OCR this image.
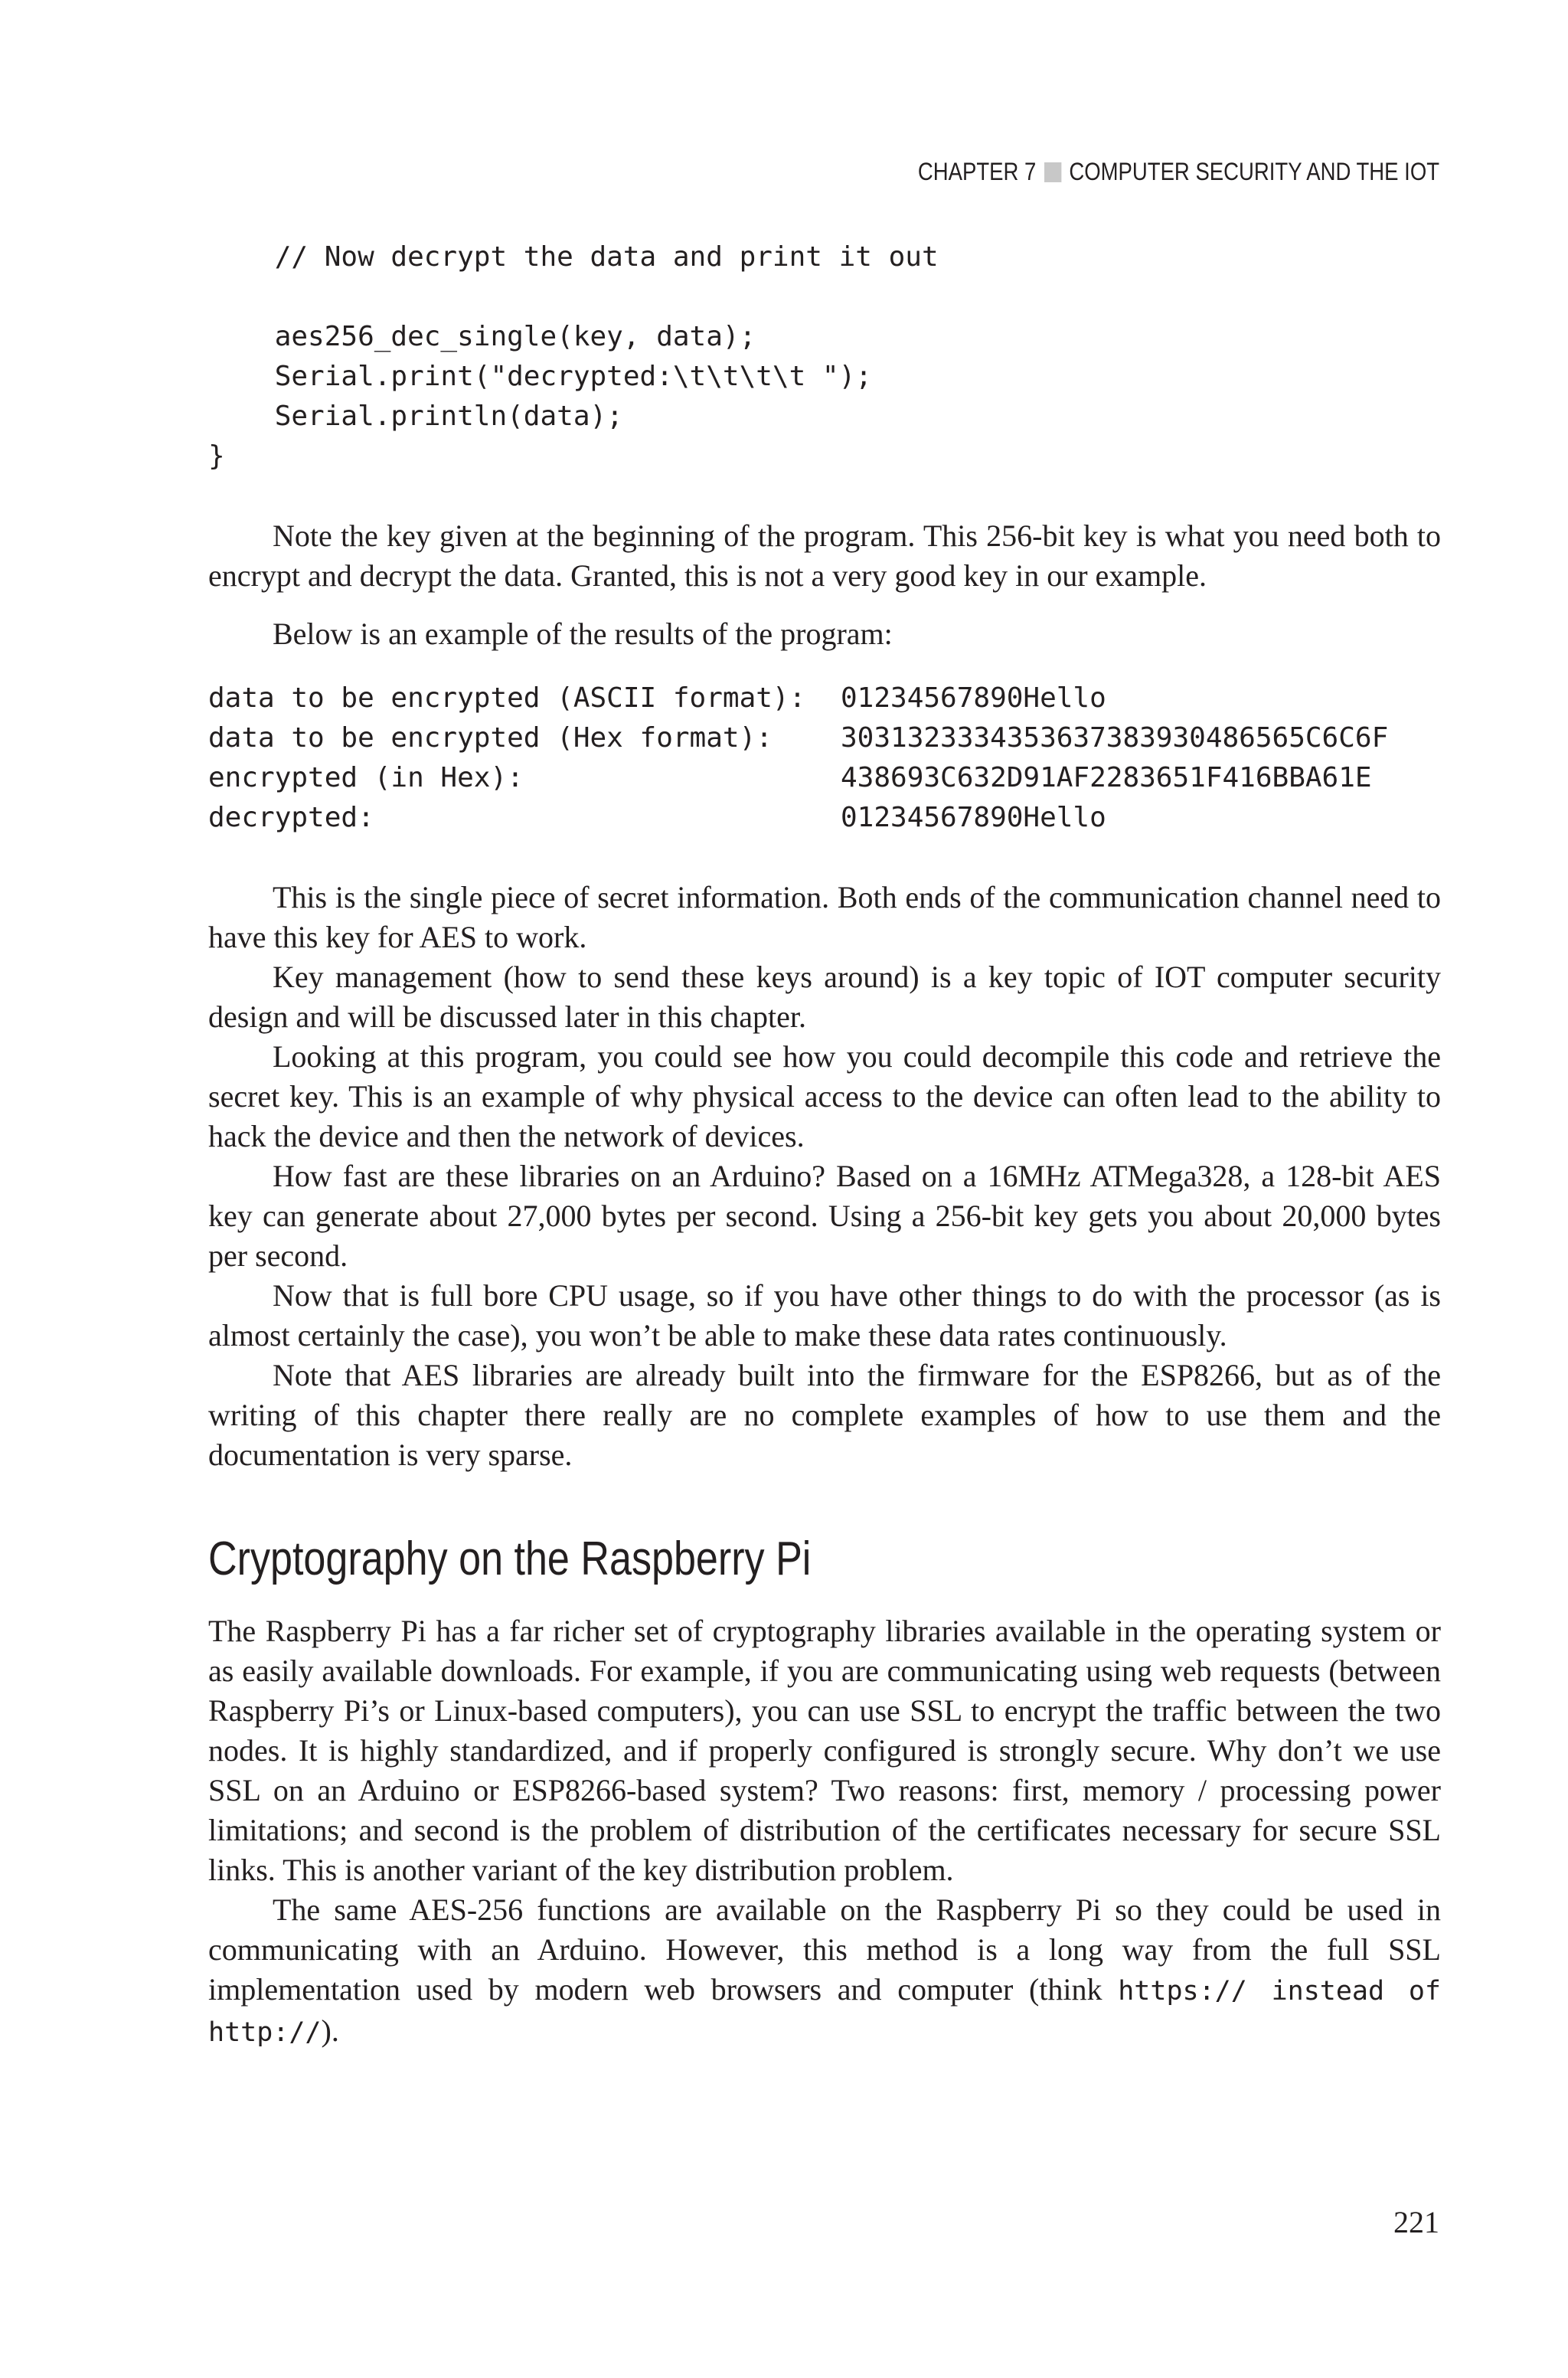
CHAPTER 7 COMPUTER SECURITY AND THE IOT
// Now decrypt the data and print it out

aes256_dec_single(key, data);
Serial.print("decrypted:\t\t\t\t ");
Serial.println(data);
}

Note the key given at the beginning of the program. This 256-bit key is what you need both to encrypt and decrypt the data. Granted, this is not a very good key in our example.

Below is an example of the results of the program:

data to be encrypted (ASCII format):	01234567890Hello
data to be encrypted (Hex format):	3031323334353637383930486565C6C6F
encrypted (in Hex):	438693C632D91AF2283651F416BBA61E
decrypted:	01234567890Hello

This is the single piece of secret information. Both ends of the communication channel need to have this key for AES to work.

Key management (how to send these keys around) is a key topic of IOT computer security design and will be discussed later in this chapter.

Looking at this program, you could see how you could decompile this code and retrieve the secret key. This is an example of why physical access to the device can often lead to the ability to hack the device and then the network of devices.

How fast are these libraries on an Arduino? Based on a 16MHz ATMega328, a 128-bit AES key can generate about 27,000 bytes per second. Using a 256-bit key gets you about 20,000 bytes per second.

Now that is full bore CPU usage, so if you have other things to do with the processor (as is almost certainly the case), you won’t be able to make these data rates continuously.

Note that AES libraries are already built into the firmware for the ESP8266, but as of the writing of this chapter there really are no complete examples of how to use them and the documentation is very sparse.

Cryptography on the Raspberry Pi

The Raspberry Pi has a far richer set of cryptography libraries available in the operating system or as easily available downloads. For example, if you are communicating using web requests (between Raspberry Pi’s or Linux-based computers), you can use SSL to encrypt the traffic between the two nodes. It is highly standardized, and if properly configured is strongly secure. Why don’t we use SSL on an Arduino or ESP8266-based system? Two reasons: first, memory / processing power limitations; and second is the problem of distribution of the certificates necessary for secure SSL links. This is another variant of the key distribution problem.

The same AES-256 functions are available on the Raspberry Pi so they could be used in communicating with an Arduino. However, this method is a long way from the full SSL implementation used by modern web browsers and computer (think https:// instead of http://).

221
